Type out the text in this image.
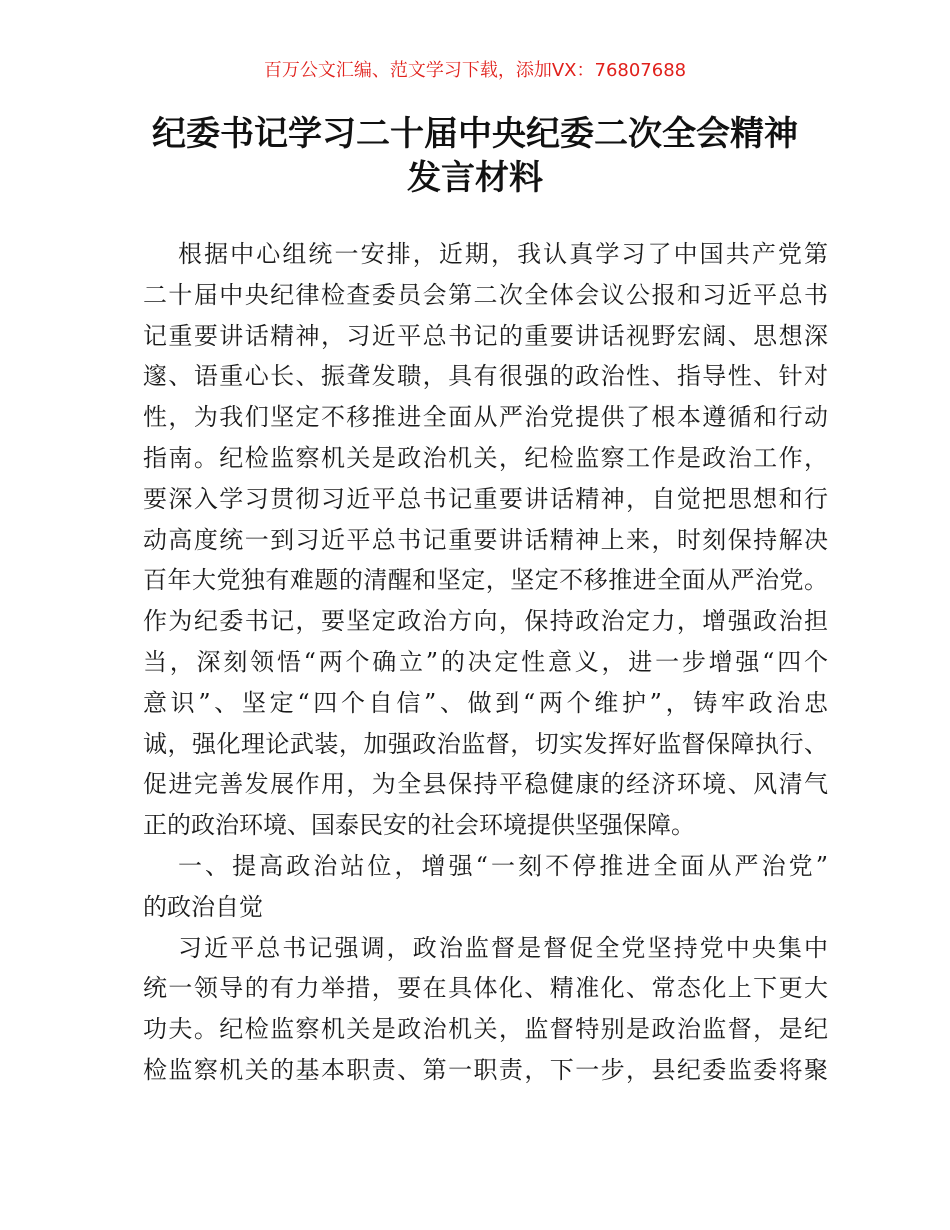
百万公文汇编、范文学习下载，添加VX：76807688
纪委书记学习二十届中央纪委二次全会精神
发言材料
根据中心组统一安排，近期，我认真学习了中国共产党第
二十届中央纪律检查委员会第二次全体会议公报和习近平总书
记重要讲话精神，习近平总书记的重要讲话视野宏阔、思想深
邃、语重心长、振聋发聩，具有很强的政治性、指导性、针对
性，为我们坚定不移推进全面从严治党提供了根本遵循和行动
指南。纪检监察机关是政治机关，纪检监察工作是政治工作，
要深入学习贯彻习近平总书记重要讲话精神，自觉把思想和行
动高度统一到习近平总书记重要讲话精神上来，时刻保持解决
百年大党独有难题的清醒和坚定，坚定不移推进全面从严治党。
作为纪委书记，要坚定政治方向，保持政治定力，增强政治担
当，深刻领悟“两个确立”的决定性意义，进一步增强“四个
意识”、坚定“四个自信”、做到“两个维护”，铸牢政治忠
诚，强化理论武装，加强政治监督，切实发挥好监督保障执行、
促进完善发展作用，为全县保持平稳健康的经济环境、风清气
正的政治环境、国泰民安的社会环境提供坚强保障。
一、提高政治站位，增强“一刻不停推进全面从严治党”
的政治自觉
习近平总书记强调，政治监督是督促全党坚持党中央集中
统一领导的有力举措，要在具体化、精准化、常态化上下更大
功夫。纪检监察机关是政治机关，监督特别是政治监督，是纪
检监察机关的基本职责、第一职责，下一步，县纪委监委将聚
